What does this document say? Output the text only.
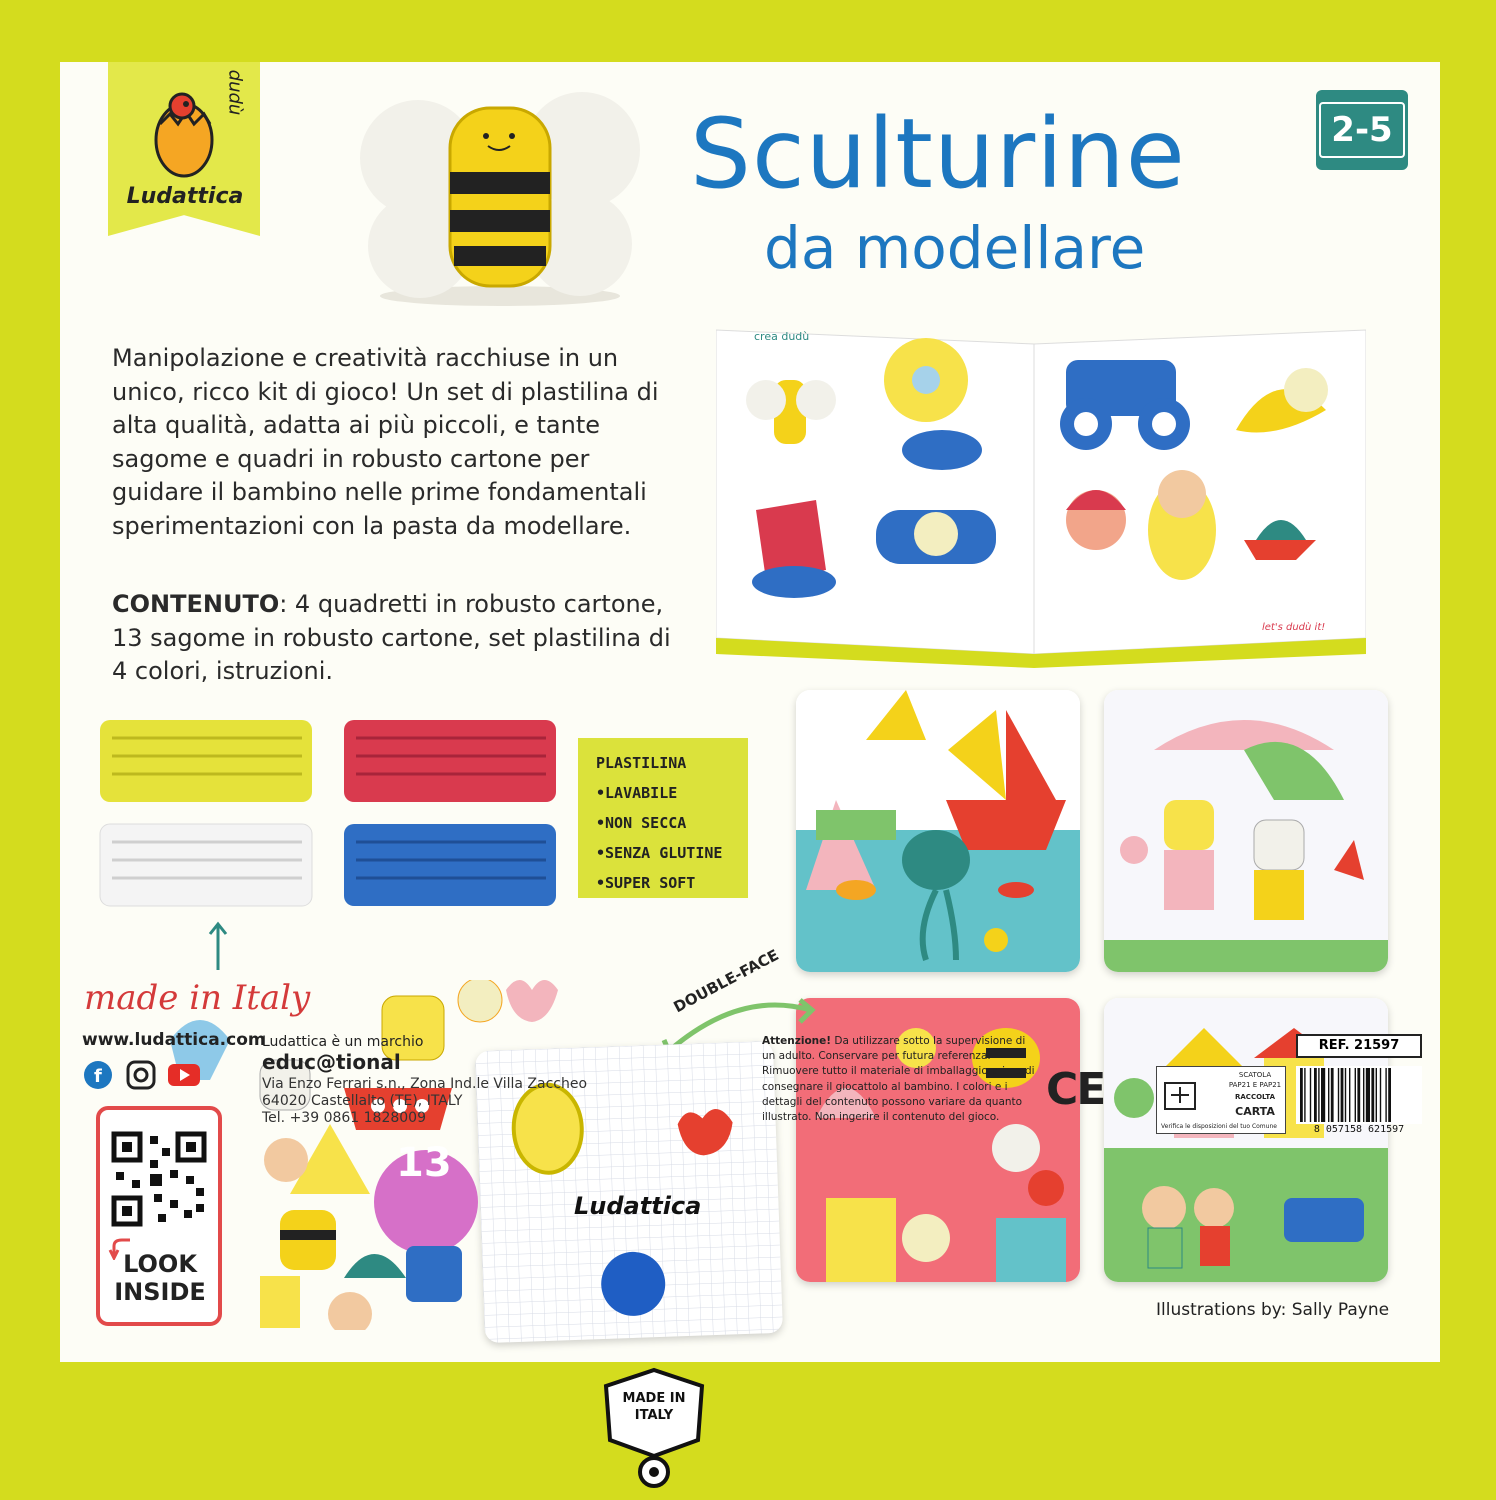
dudù
Ludattica	Sculturine
da modellare
2-5
crea dudù
let's dudù it!
Manipolazione e creatività racchiuse in un unico, ricco kit di gioco! Un set di plastilina di alta qualità, adatta ai più piccoli, e tante sagome e quadri in robusto cartone per guidare il bambino nelle prime fondamentali sperimentazioni con la pasta da modellare.
CONTENUTO: 4 quadretti in robusto cartone, 13 sagome in robusto cartone, set plastilina di 4 colori, istruzioni.
PLASTILINA
•LAVABILE
•NON SECCA
•SENZA GLUTINE
•SUPER SOFT
made in Italy	DOUBLE-FACE
Ludattica
13
LOOK
INSIDE
Illustrations by: Sally Payne
www.ludattica.com
f
Ludattica è un marchio
educ@tional
Via Enzo Ferrari s.n., Zona Ind.le Villa Zaccheo
64020 Castellalto (TE), ITALY
Tel. +39 0861 1828009
MADE IN ITALY
Attenzione! Da utilizzare sotto la supervisione di un adulto. Conservare per futura referenza. Rimuovere tutto il materiale di imballaggio prima di consegnare il giocattolo al bambino. I colori e i dettagli del contenuto possono variare da quanto illustrato. Non ingerire il contenuto del gioco.
CE	SCATOLA
PAP21 E PAP21
RACCOLTA
CARTA
Verifica le disposizioni del tuo Comune
REF. 21597
8 057158 621597
